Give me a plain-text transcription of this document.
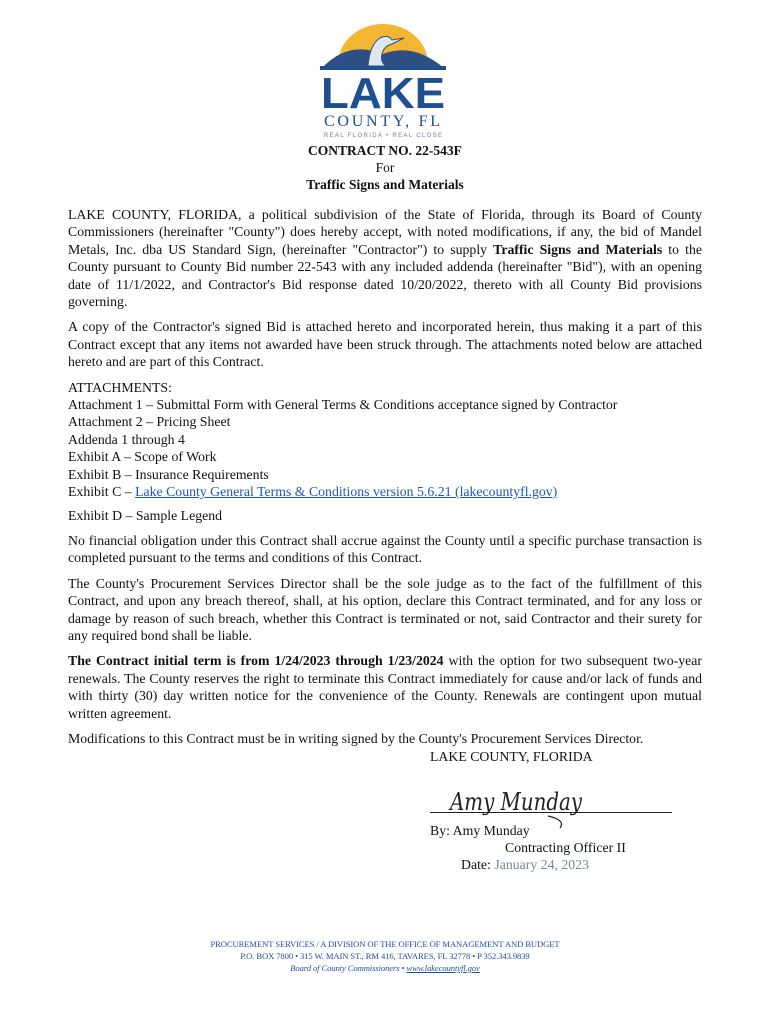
LAKE
COUNTY, FL
REAL FLORIDA • REAL CLOSE
CONTRACT NO. 22-543F
For
Traffic Signs and Materials

LAKE COUNTY, FLORIDA, a political subdivision of the State of Florida, through its Board of County Commissioners (hereinafter "County") does hereby accept, with noted modifications, if any, the bid of Mandel Metals, Inc. dba US Standard Sign, (hereinafter "Contractor") to supply Traffic Signs and Materials to the County pursuant to County Bid number 22-543 with any included addenda (hereinafter "Bid"), with an opening date of 11/1/2022, and Contractor's Bid response dated 10/20/2022, thereto with all County Bid provisions governing.

A copy of the Contractor's signed Bid is attached hereto and incorporated herein, thus making it a part of this Contract except that any items not awarded have been struck through. The attachments noted below are attached hereto and are part of this Contract.

ATTACHMENTS:
Attachment 1 – Submittal Form with General Terms & Conditions acceptance signed by Contractor
Attachment 2 – Pricing Sheet
Addenda 1 through 4
Exhibit A – Scope of Work
Exhibit B – Insurance Requirements
Exhibit C – Lake County General Terms & Conditions version 5.6.21 (lakecountyfl.gov)

Exhibit D – Sample Legend

No financial obligation under this Contract shall accrue against the County until a specific purchase transaction is completed pursuant to the terms and conditions of this Contract.

The County's Procurement Services Director shall be the sole judge as to the fact of the fulfillment of this Contract, and upon any breach thereof, shall, at his option, declare this Contract terminated, and for any loss or damage by reason of such breach, whether this Contract is terminated or not, said Contractor and their surety for any required bond shall be liable.

The Contract initial term is from 1/24/2023 through 1/23/2024 with the option for two subsequent two-year renewals. The County reserves the right to terminate this Contract immediately for cause and/or lack of funds and with thirty (30) day written notice for the convenience of the County. Renewals are contingent upon mutual written agreement.

Modifications to this Contract must be in writing signed by the County's Procurement Services Director.

LAKE COUNTY, FLORIDA
Amy Munday
By: Amy Munday
Contracting Officer II
Date: January 24, 2023
PROCUREMENT SERVICES / A DIVISION OF THE OFFICE OF MANAGEMENT AND BUDGET
P.O. BOX 7800 • 315 W. MAIN ST., RM 416, TAVARES, FL 32778 • P 352.343.9839
Board of County Commissioners • www.lakecountyfl.gov
